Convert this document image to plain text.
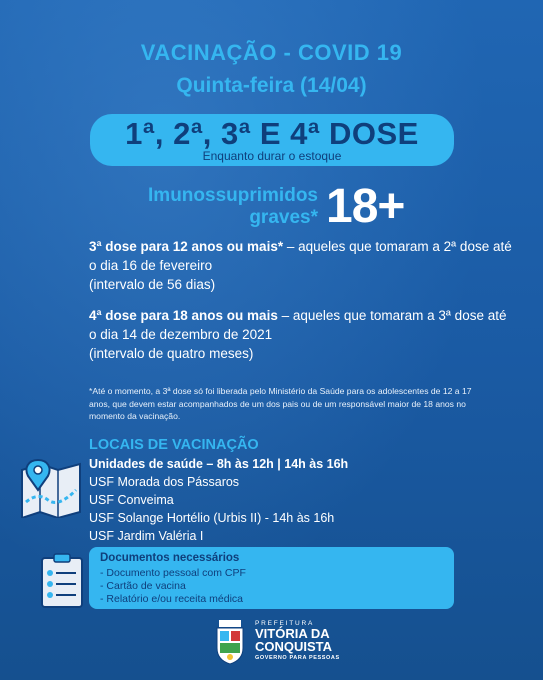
VACINAÇÃO - COVID 19
Quinta-feira (14/04)
1ª, 2ª, 3ª E 4ª DOSE
Enquanto durar o estoque
Imunossuprimidos
graves* 18+
3ª dose para 12 anos ou mais* – aqueles que tomaram a 2ª dose até o dia 16 de fevereiro
(intervalo de 56 dias)
4ª dose para 18 anos ou mais – aqueles que tomaram a 3ª dose até o dia 14 de dezembro de 2021
(intervalo de quatro meses)
*Até o momento, a 3ª dose só foi liberada pelo Ministério da Saúde para os adolescentes de 12 a 17 anos, que devem estar acompanhados de um dos pais ou de um responsável maior de 18 anos no momento da vacinação.
LOCAIS DE VACINAÇÃO
Unidades de saúde – 8h às 12h | 14h às 16h
USF Morada dos Pássaros
USF Conveima
USF Solange Hortélio (Urbis II) - 14h às 16h
USF Jardim Valéria I
Documentos necessários
- Documento pessoal com CPF
- Cartão de vacina
- Relatório e/ou receita médica
PREFEITURA
VITÓRIA DA
CONQUISTA
GOVERNO PARA PESSOAS
